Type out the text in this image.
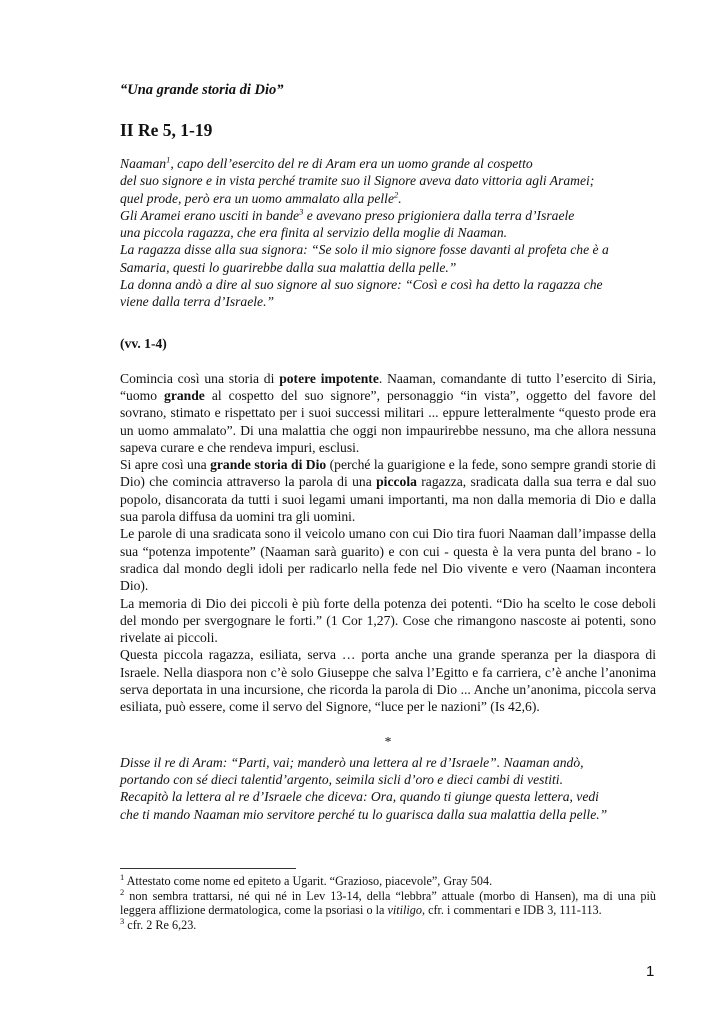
“Una grande storia di Dio”
II Re 5, 1-19
Naaman$^1$, capo dell’esercito del re di Aram era un uomo grande al cospetto
del suo signore e in vista perché tramite suo il Signore aveva dato vittoria agli Aramei;
quel prode, però era un uomo ammalato alla pelle$^2$.
Gli Aramei erano usciti in bande$^3$ e avevano preso prigioniera dalla terra d’Israele
una piccola ragazza, che era finita al servizio della moglie di Naaman.
La ragazza disse alla sua signora: “Se solo il mio signore fosse davanti al profeta che è a
Samaria, questi lo guarirebbe dalla sua malattia della pelle.”
La donna andò a dire al suo signore al suo signore: “Così e così ha detto la ragazza che
viene dalla terra d’Israele.”
(vv. 1-4)

Comincia così una storia di potere impotente. Naaman, comandante di tutto l’esercito di Siria, “uomo grande al cospetto del suo signore”, personaggio “in vista”, oggetto del favore del sovrano, stimato e rispettato per i suoi successi militari ... eppure letteralmente “questo prode era un uomo ammalato”. Di una malattia che oggi non impaurirebbe nessuno, ma che allora nessuna sapeva curare e che rendeva impuri, esclusi.

Si apre così una grande storia di Dio (perché la guarigione e la fede, sono sempre grandi storie di Dio) che comincia attraverso la parola di una piccola ragazza, sradicata dalla sua terra e dal suo popolo, disancorata da tutti i suoi legami umani importanti, ma non dalla memoria di Dio e dalla sua parola diffusa da uomini tra gli uomini.

Le parole di una sradicata sono il veicolo umano con cui Dio tira fuori Naaman dall’impasse della sua “potenza impotente” (Naaman sarà guarito) e con cui - questa è la vera punta del brano - lo sradica dal mondo degli idoli per radicarlo nella fede nel Dio vivente e vero (Naaman incontera Dio).

La memoria di Dio dei piccoli è più forte della potenza dei potenti. “Dio ha scelto le cose deboli del mondo per svergognare le forti.” (1 Cor 1,27). Cose che rimangono nascoste ai potenti, sono rivelate ai piccoli.

Questa piccola ragazza, esiliata, serva … porta anche una grande speranza per la diaspora di Israele. Nella diaspora non c’è solo Giuseppe che salva l’Egitto e fa carriera, c’è anche l’anonima serva deportata in una incursione, che ricorda la parola di Dio ... Anche un’anonima, piccola serva esiliata, può essere, come il servo del Signore, “luce per le nazioni” (Is 42,6).

*
Disse il re di Aram: “Parti, vai; manderò una lettera al re d’Israele”. Naaman andò,
portando con sé dieci talentid’argento, seimila sicli d’oro e dieci cambi di vestiti.
Recapitò la lettera al re d’Israele che diceva: Ora, quando ti giunge questa lettera, vedi
che ti mando Naaman mio servitore perché tu lo guarisca dalla sua malattia della pelle.”

$^1$ Attestato come nome ed epiteto a Ugarit. “Grazioso, piacevole”, Gray 504.

$^2$ non sembra trattarsi, né qui né in Lev 13-14, della “lebbra” attuale (morbo di Hansen), ma di una più leggera afflizione dermatologica, come la psoriasi o la vitiligo, cfr. i commentari e IDB 3, 111-113.

$^3$ cfr. 2 Re 6,23.

1
